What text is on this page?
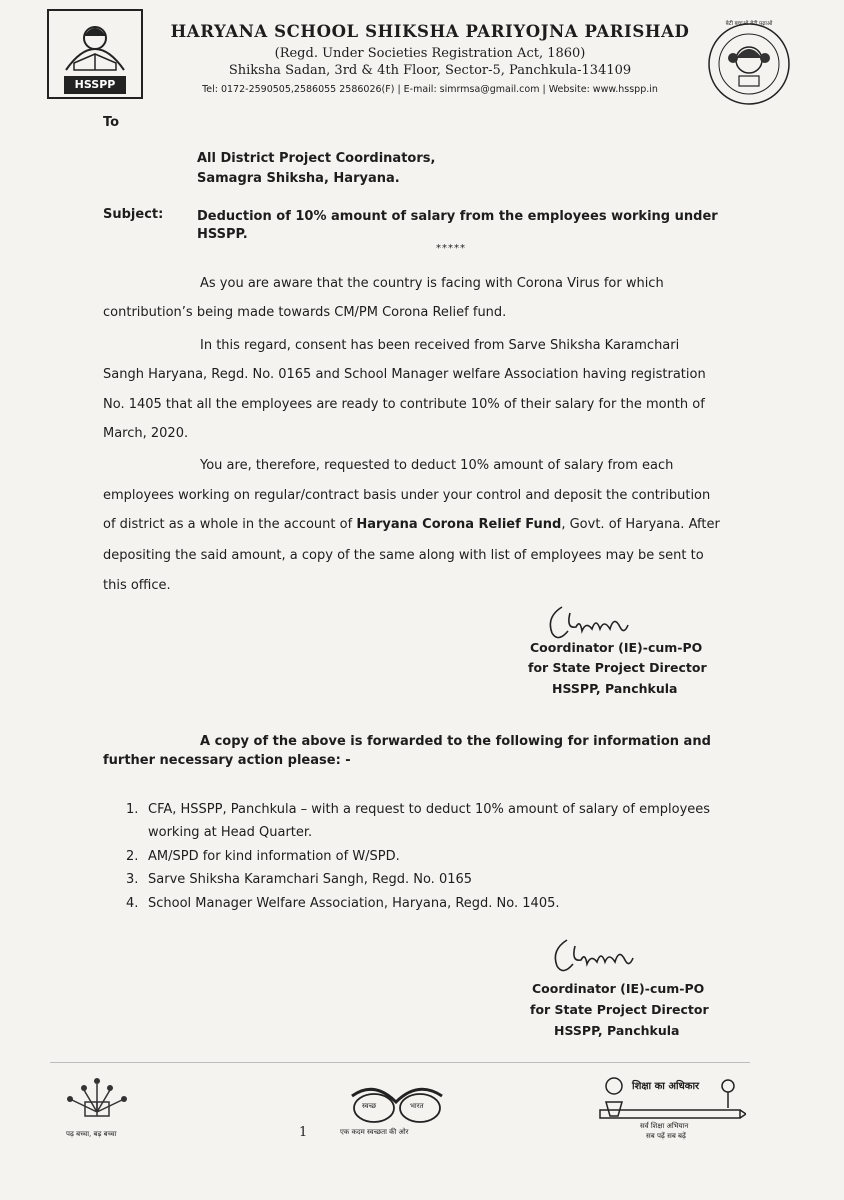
HSSPP
HARYANA SCHOOL SHIKSHA PARIYOJNA PARISHAD
(Regd. Under Societies Registration Act, 1860)
Shiksha Sadan, 3rd & 4th Floor, Sector-5, Panchkula-134109
Tel: 0172-2590505,2586055 2586026(F) | E-mail: simrmsa@gmail.com | Website: www.hsspp.in
बेटी बचाओ बेटी पढ़ाओ
To
All District Project Coordinators,
Samagra Shiksha, Haryana.
Subject:	Deduction of 10% amount of salary from the employees working under
HSSPP.
*****
As you are aware that the country is facing with Corona Virus for which
contribution’s being made towards CM/PM Corona Relief fund.
In this regard, consent has been received from Sarve Shiksha Karamchari
Sangh Haryana, Regd. No. 0165 and School Manager welfare Association having registration
No. 1405 that all the employees are ready to contribute 10% of their salary for the month of
March, 2020.
You are, therefore, requested to deduct 10% amount of salary from each
employees working on regular/contract basis under your control and deposit the contribution
of district as a whole in the account of Haryana Corona Relief Fund, Govt. of Haryana. After
depositing the said amount, a copy of the same along with list of employees may be sent to
this office.
Coordinator (IE)-cum-PO
for State Project Director
HSSPP, Panchkula
A copy of the above is forwarded to the following for information and
further necessary action please: -
1. CFA, HSSPP, Panchkula – with a request to deduct 10% amount of salary of employees
working at Head Quarter.
2. AM/SPD for kind information of W/SPD.
3. Sarve Shiksha Karamchari Sangh, Regd. No. 0165
4. School Manager Welfare Association, Haryana, Regd. No. 1405.
Coordinator (IE)-cum-PO
for State Project Director
HSSPP, Panchkula
पढ़ बच्चा, बढ़ बच्चा	1
स्वच्छ	भारत
एक कदम स्वच्छता की ओर
शिक्षा का अधिकार
सर्व शिक्षा अभियान
सब पढ़ें सब बढ़ें
